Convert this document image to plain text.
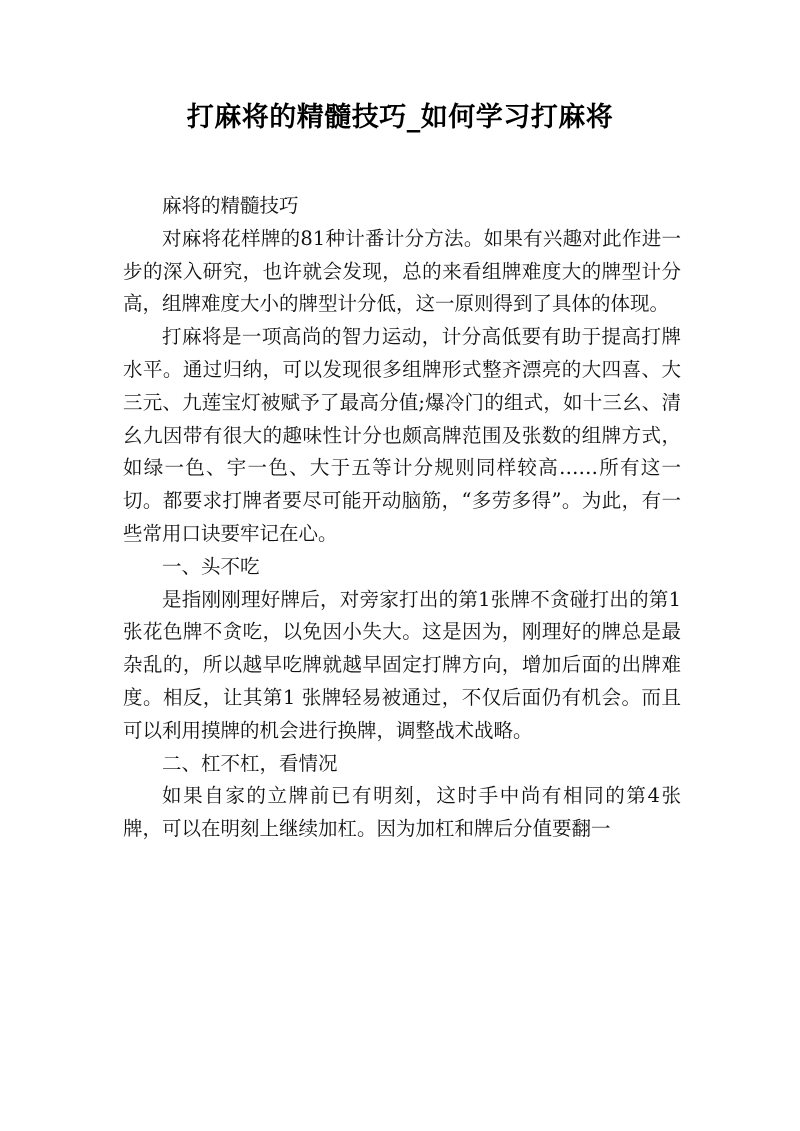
打麻将的精髓技巧_如何学习打麻将

麻将的精髓技巧

对麻将花样牌的81种计番计分方法。如果有兴趣对此作进一步的深入研究，也许就会发现，总的来看组牌难度大的牌型计分高，组牌难度大小的牌型计分低，这一原则得到了具体的体现。

打麻将是一项高尚的智力运动，计分高低要有助于提高打牌水平。通过归纳，可以发现很多组牌形式整齐漂亮的大四喜、大三元、九莲宝灯被赋予了最高分值;爆冷门的组式，如十三幺、清幺九因带有很大的趣味性计分也颇高牌范围及张数的组牌方式，如绿一色、宇一色、大于五等计分规则同样较高……所有这一切。都要求打牌者要尽可能开动脑筋，“多劳多得”。为此，有一些常用口诀要牢记在心。

一、头不吃

是指刚刚理好牌后，对旁家打出的第1张牌不贪碰打出的第1张花色牌不贪吃，以免因小失大。这是因为，刚理好的牌总是最杂乱的，所以越早吃牌就越早固定打牌方向，增加后面的出牌难度。相反，让其第1 张牌轻易被通过，不仅后面仍有机会。而且可以利用摸牌的机会进行换牌，调整战术战略。

二、杠不杠，看情况

如果自家的立牌前已有明刻，这时手中尚有相同的第4张牌，可以在明刻上继续加杠。因为加杠和牌后分值要翻一
